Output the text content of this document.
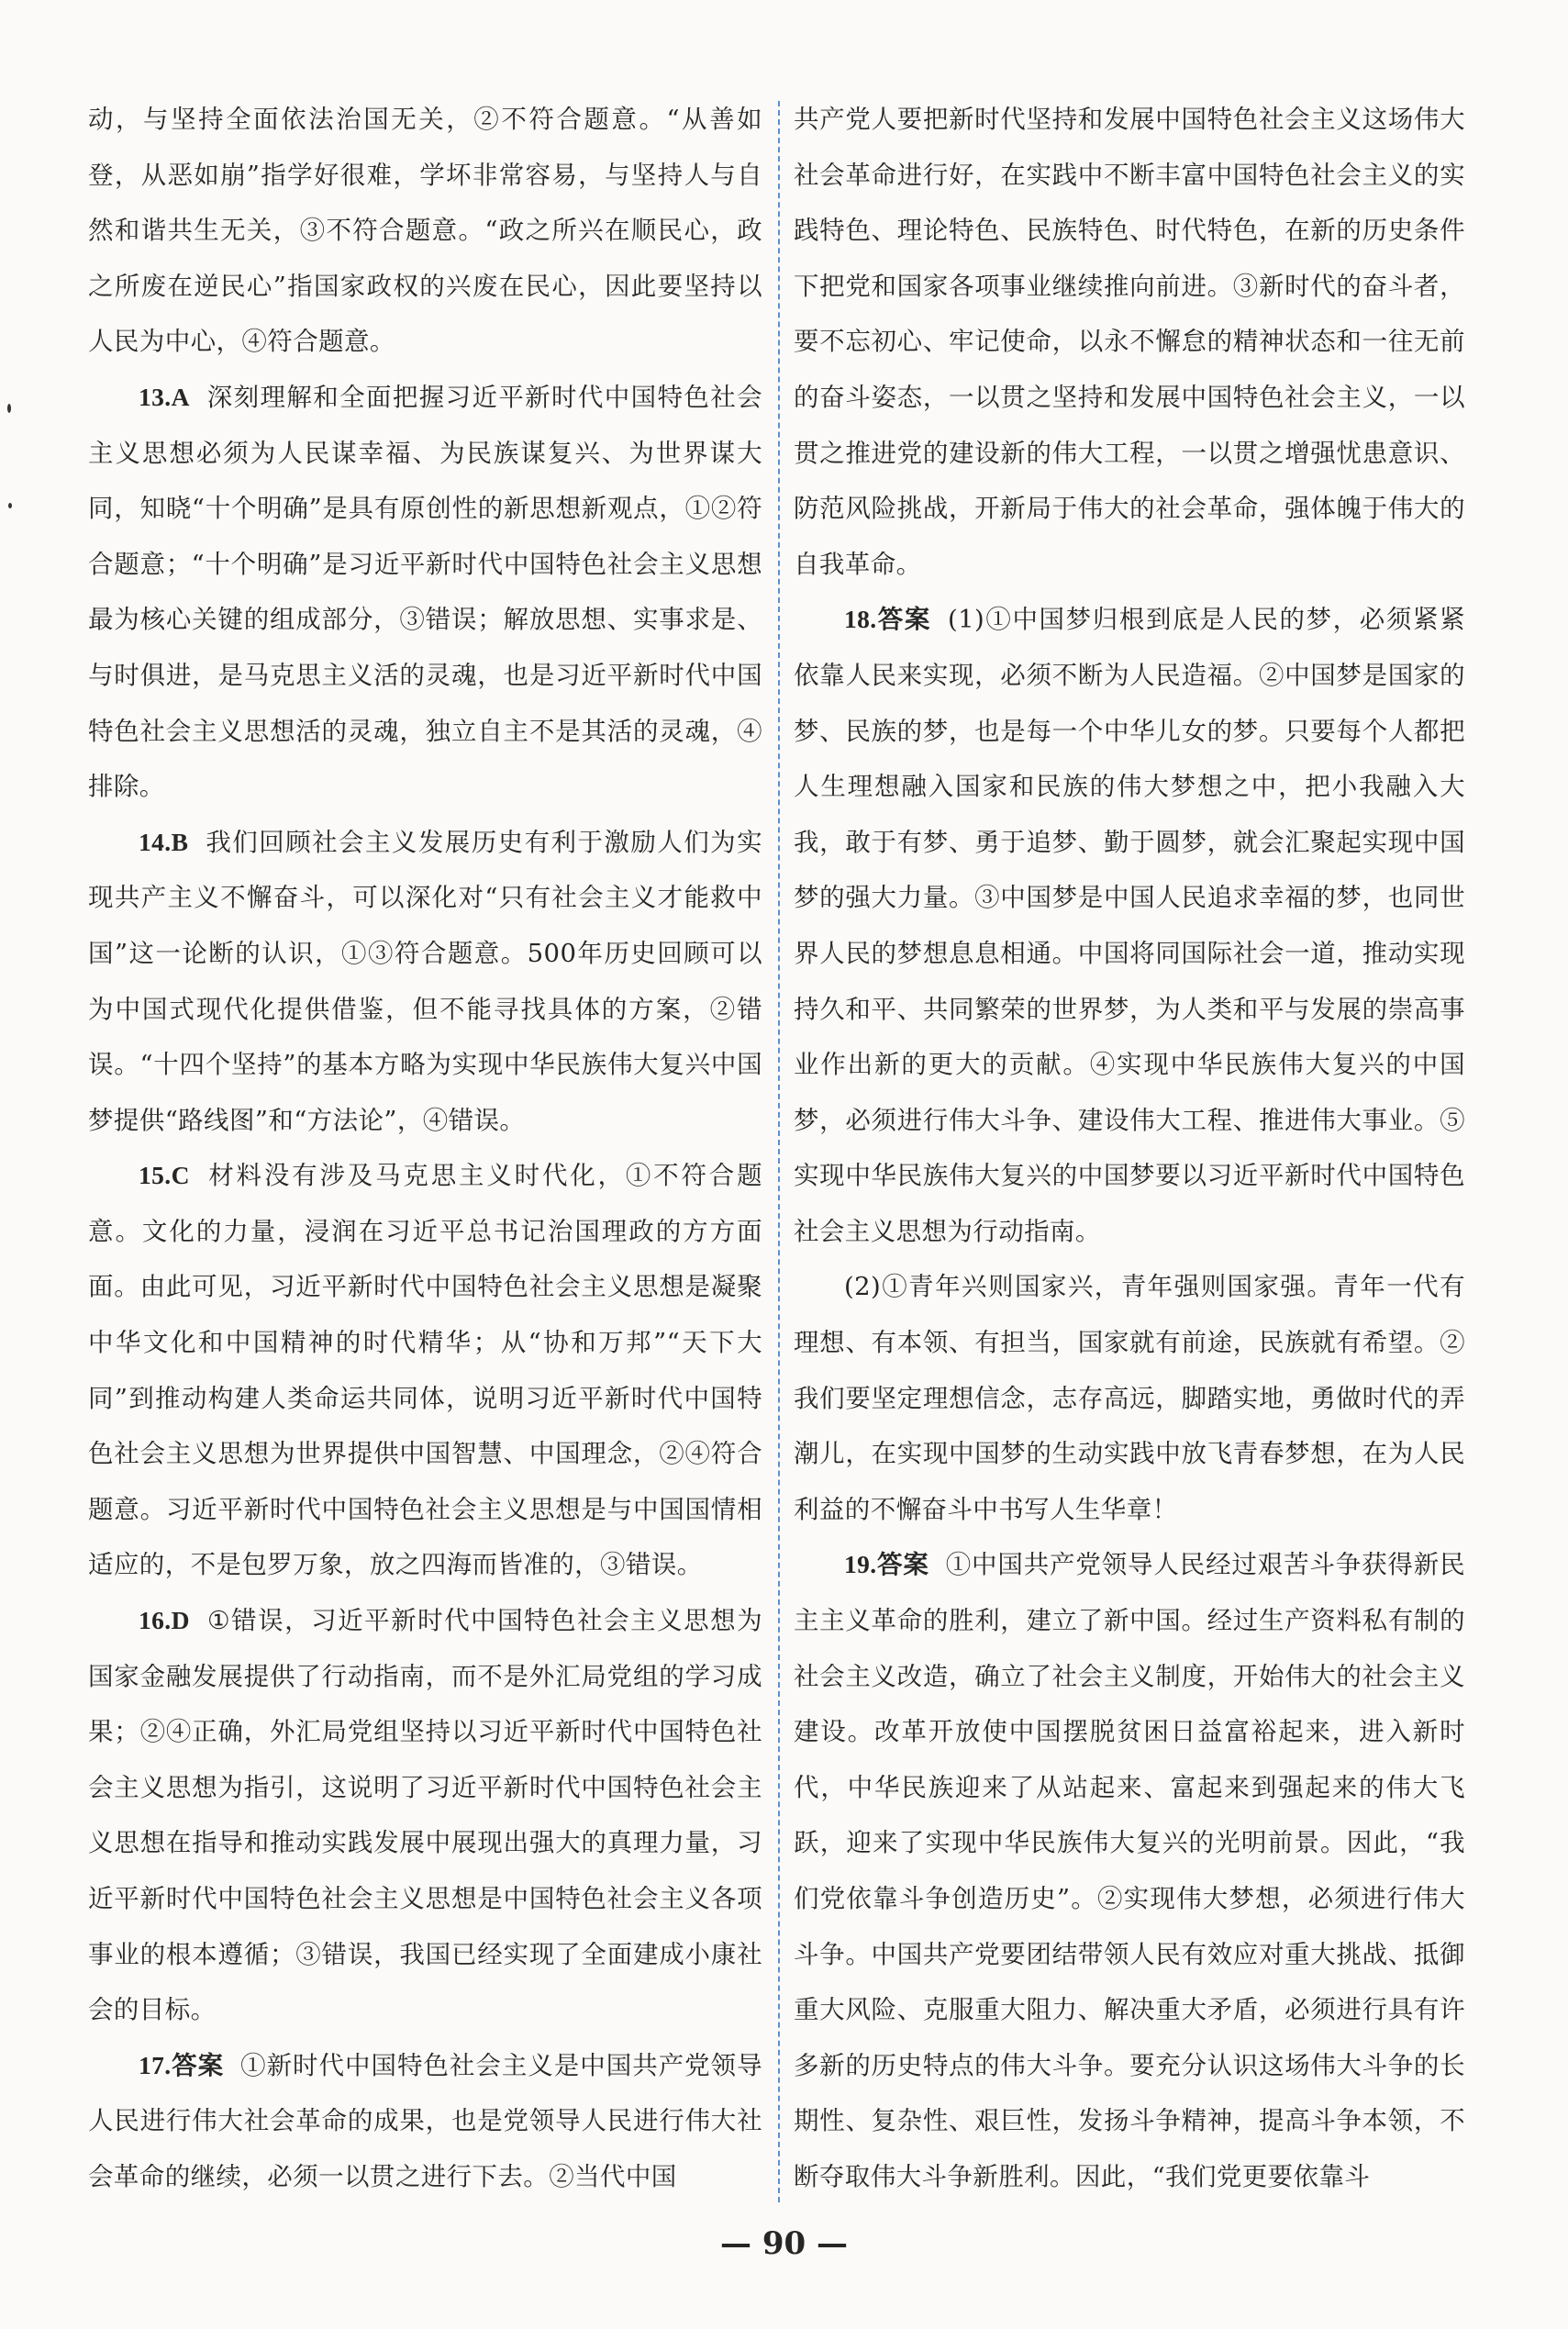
动，与坚持全面依法治国无关，②不符合题意。“从善如登，从恶如崩”指学好很难，学坏非常容易，与坚持人与自然和谐共生无关，③不符合题意。“政之所兴在顺民心，政之所废在逆民心”指国家政权的兴废在民心，因此要坚持以人民为中心，④符合题意。

13.A 深刻理解和全面把握习近平新时代中国特色社会主义思想必须为人民谋幸福、为民族谋复兴、为世界谋大同，知晓“十个明确”是具有原创性的新思想新观点，①②符合题意；“十个明确”是习近平新时代中国特色社会主义思想最为核心关键的组成部分，③错误；解放思想、实事求是、与时俱进，是马克思主义活的灵魂，也是习近平新时代中国特色社会主义思想活的灵魂，独立自主不是其活的灵魂，④排除。

14.B 我们回顾社会主义发展历史有利于激励人们为实现共产主义不懈奋斗，可以深化对“只有社会主义才能救中国”这一论断的认识，①③符合题意。500年历史回顾可以为中国式现代化提供借鉴，但不能寻找具体的方案，②错误。“十四个坚持”的基本方略为实现中华民族伟大复兴中国梦提供“路线图”和“方法论”，④错误。

15.C 材料没有涉及马克思主义时代化，①不符合题意。文化的力量，浸润在习近平总书记治国理政的方方面面。由此可见，习近平新时代中国特色社会主义思想是凝聚中华文化和中国精神的时代精华；从“协和万邦”“天下大同”到推动构建人类命运共同体，说明习近平新时代中国特色社会主义思想为世界提供中国智慧、中国理念，②④符合题意。习近平新时代中国特色社会主义思想是与中国国情相适应的，不是包罗万象，放之四海而皆准的，③错误。

16.D ①错误，习近平新时代中国特色社会主义思想为国家金融发展提供了行动指南，而不是外汇局党组的学习成果；②④正确，外汇局党组坚持以习近平新时代中国特色社会主义思想为指引，这说明了习近平新时代中国特色社会主义思想在指导和推动实践发展中展现出强大的真理力量，习近平新时代中国特色社会主义思想是中国特色社会主义各项事业的根本遵循；③错误，我国已经实现了全面建成小康社会的目标。

17.答案 ①新时代中国特色社会主义是中国共产党领导人民进行伟大社会革命的成果，也是党领导人民进行伟大社会革命的继续，必须一以贯之进行下去。②当代中国

共产党人要把新时代坚持和发展中国特色社会主义这场伟大社会革命进行好，在实践中不断丰富中国特色社会主义的实践特色、理论特色、民族特色、时代特色，在新的历史条件下把党和国家各项事业继续推向前进。③新时代的奋斗者，要不忘初心、牢记使命，以永不懈怠的精神状态和一往无前的奋斗姿态，一以贯之坚持和发展中国特色社会主义，一以贯之推进党的建设新的伟大工程，一以贯之增强忧患意识、防范风险挑战，开新局于伟大的社会革命，强体魄于伟大的自我革命。

18.答案 (1)①中国梦归根到底是人民的梦，必须紧紧依靠人民来实现，必须不断为人民造福。②中国梦是国家的梦、民族的梦，也是每一个中华儿女的梦。只要每个人都把人生理想融入国家和民族的伟大梦想之中，把小我融入大我，敢于有梦、勇于追梦、勤于圆梦，就会汇聚起实现中国梦的强大力量。③中国梦是中国人民追求幸福的梦，也同世界人民的梦想息息相通。中国将同国际社会一道，推动实现持久和平、共同繁荣的世界梦，为人类和平与发展的崇高事业作出新的更大的贡献。④实现中华民族伟大复兴的中国梦，必须进行伟大斗争、建设伟大工程、推进伟大事业。⑤实现中华民族伟大复兴的中国梦要以习近平新时代中国特色社会主义思想为行动指南。

(2)①青年兴则国家兴，青年强则国家强。青年一代有理想、有本领、有担当，国家就有前途，民族就有希望。②我们要坚定理想信念，志存高远，脚踏实地，勇做时代的弄潮儿，在实现中国梦的生动实践中放飞青春梦想，在为人民利益的不懈奋斗中书写人生华章！

19.答案 ①中国共产党领导人民经过艰苦斗争获得新民主主义革命的胜利，建立了新中国。经过生产资料私有制的社会主义改造，确立了社会主义制度，开始伟大的社会主义建设。改革开放使中国摆脱贫困日益富裕起来，进入新时代，中华民族迎来了从站起来、富起来到强起来的伟大飞跃，迎来了实现中华民族伟大复兴的光明前景。因此，“我们党依靠斗争创造历史”。②实现伟大梦想，必须进行伟大斗争。中国共产党要团结带领人民有效应对重大挑战、抵御重大风险、克服重大阻力、解决重大矛盾，必须进行具有许多新的历史特点的伟大斗争。要充分认识这场伟大斗争的长期性、复杂性、艰巨性，发扬斗争精神，提高斗争本领，不断夺取伟大斗争新胜利。因此，“我们党更要依靠斗

— 90 —
